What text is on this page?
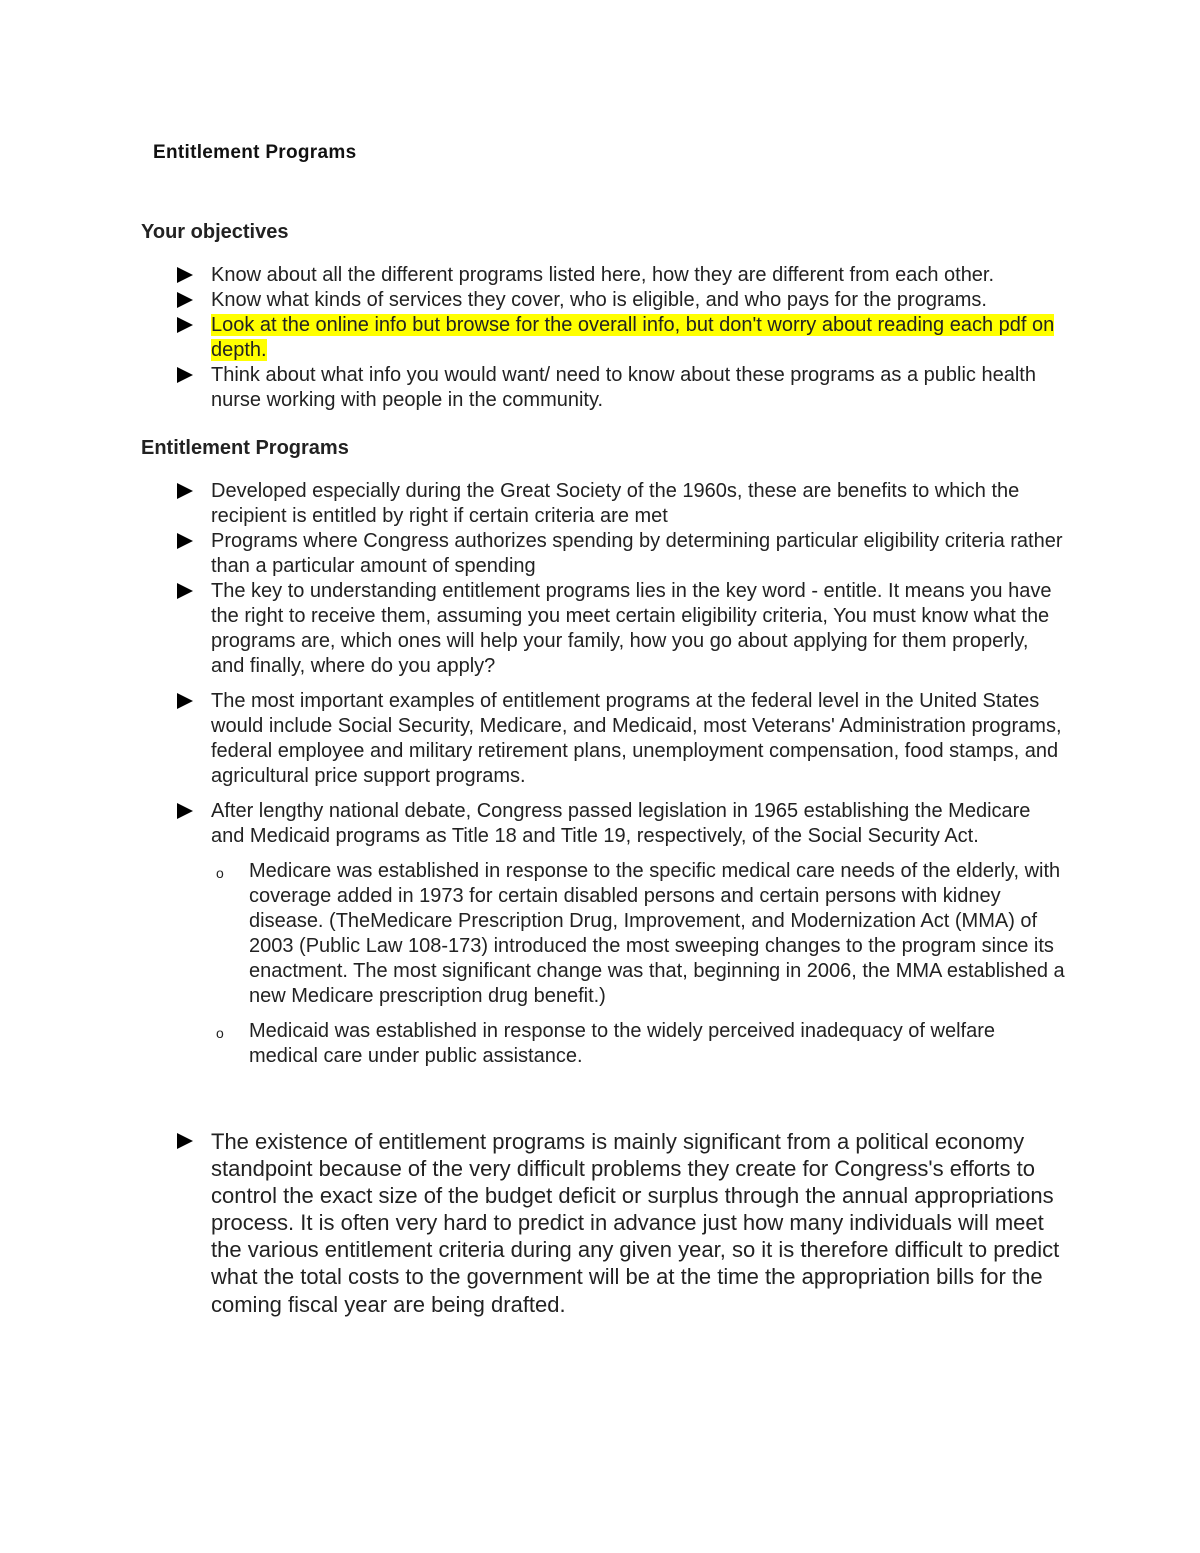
Entitlement Programs
Your objectives
Know about all the different programs listed here, how they are different from each other.
Know what kinds of services they cover, who is eligible, and who pays for the programs.
Look at the online info but browse for the overall info, but don't worry about reading each pdf on depth.
Think about what info you would want/ need to know about these programs as a public health nurse working with people in the community.
Entitlement Programs
Developed especially during the Great Society of the 1960s, these are benefits to which the recipient is entitled by right if certain criteria are met
Programs where Congress authorizes spending by determining particular eligibility criteria rather than a particular amount of spending
The key to understanding entitlement programs lies in the key word - entitle. It means you have the right to receive them, assuming you meet certain eligibility criteria, You must know what the programs are, which ones will help your family, how you go about applying for them properly, and finally, where do you apply?
The most important examples of entitlement programs at the federal level in the United States would include Social Security, Medicare, and Medicaid, most Veterans' Administration programs, federal employee and military retirement plans, unemployment compensation, food stamps, and agricultural price support programs.
After lengthy national debate, Congress passed legislation in 1965 establishing the Medicare and Medicaid programs as Title 18 and Title 19, respectively, of the Social Security Act.
o Medicare was established in response to the specific medical care needs of the elderly, with coverage added in 1973 for certain disabled persons and certain persons with kidney disease. (TheMedicare Prescription Drug, Improvement, and Modernization Act (MMA) of 2003 (Public Law 108-173) introduced the most sweeping changes to the program since its enactment. The most significant change was that, beginning in 2006, the MMA established a new Medicare prescription drug benefit.)
o Medicaid was established in response to the widely perceived inadequacy of welfare medical care under public assistance.
The existence of entitlement programs is mainly significant from a political economy standpoint because of the very difficult problems they create for Congress's efforts to control the exact size of the budget deficit or surplus through the annual appropriations process. It is often very hard to predict in advance just how many individuals will meet the various entitlement criteria during any given year, so it is therefore difficult to predict what the total costs to the government will be at the time the appropriation bills for the coming fiscal year are being drafted.
